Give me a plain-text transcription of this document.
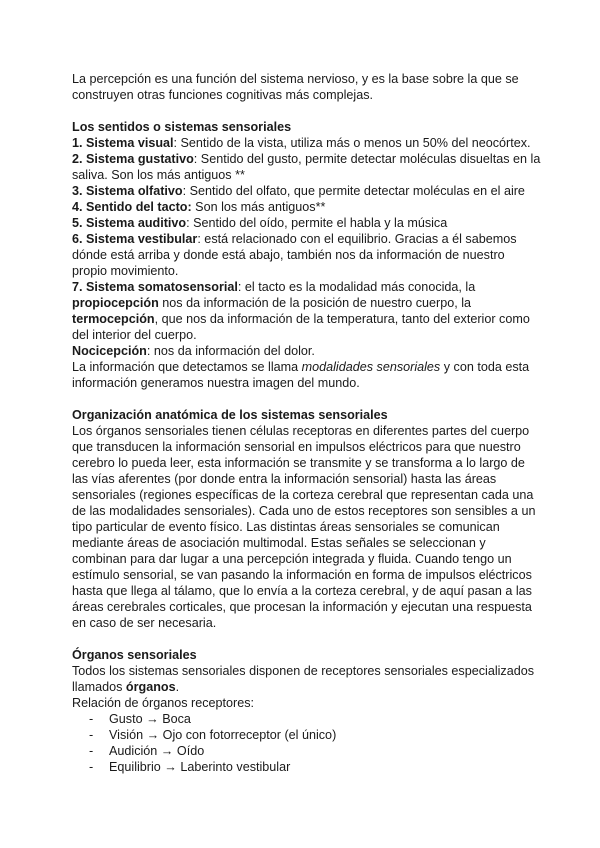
La percepción es una función del sistema nervioso, y es la base sobre la que se construyen otras funciones cognitivas más complejas.

Los sentidos o sistemas sensoriales

1. Sistema visual: Sentido de la vista, utiliza más o menos un 50% del neocórtex.

2. Sistema gustativo: Sentido del gusto, permite detectar moléculas disueltas en la saliva. Son los más antiguos **

3. Sistema olfativo: Sentido del olfato, que permite detectar moléculas en el aire

4. Sentido del tacto: Son los más antiguos**

5. Sistema auditivo: Sentido del oído, permite el habla y la música

6. Sistema vestibular: está relacionado con el equilibrio. Gracias a él sabemos dónde está arriba y donde está abajo, también nos da información de nuestro propio movimiento.

7. Sistema somatosensorial: el tacto es la modalidad más conocida, la propiocepción nos da información de la posición de nuestro cuerpo, la termocepción, que nos da información de la temperatura, tanto del exterior como del interior del cuerpo.

Nocicepción: nos da información del dolor.

La información que detectamos se llama modalidades sensoriales y con toda esta información generamos nuestra imagen del mundo.

Organización anatómica de los sistemas sensoriales

Los órganos sensoriales tienen células receptoras en diferentes partes del cuerpo que transducen la información sensorial en impulsos eléctricos para que nuestro cerebro lo pueda leer, esta información se transmite y se transforma a lo largo de las vías aferentes (por donde entra la información sensorial) hasta las áreas sensoriales (regiones específicas de la corteza cerebral que representan cada una de las modalidades sensoriales). Cada uno de estos receptores son sensibles a un tipo particular de evento físico. Las distintas áreas sensoriales se comunican mediante áreas de asociación multimodal. Estas señales se seleccionan y combinan para dar lugar a una percepción integrada y fluida. Cuando tengo un estímulo sensorial, se van pasando la información en forma de impulsos eléctricos hasta que llega al tálamo, que lo envía a la corteza cerebral, y de aquí pasan a las áreas cerebrales corticales, que procesan la información y ejecutan una respuesta en caso de ser necesaria.

Órganos sensoriales

Todos los sistemas sensoriales disponen de receptores sensoriales especializados llamados órganos.

Relación de órganos receptores:

- Gusto → Boca
- Visión → Ojo con fotorreceptor (el único)
- Audición → Oído
- Equilibrio → Laberinto vestibular
